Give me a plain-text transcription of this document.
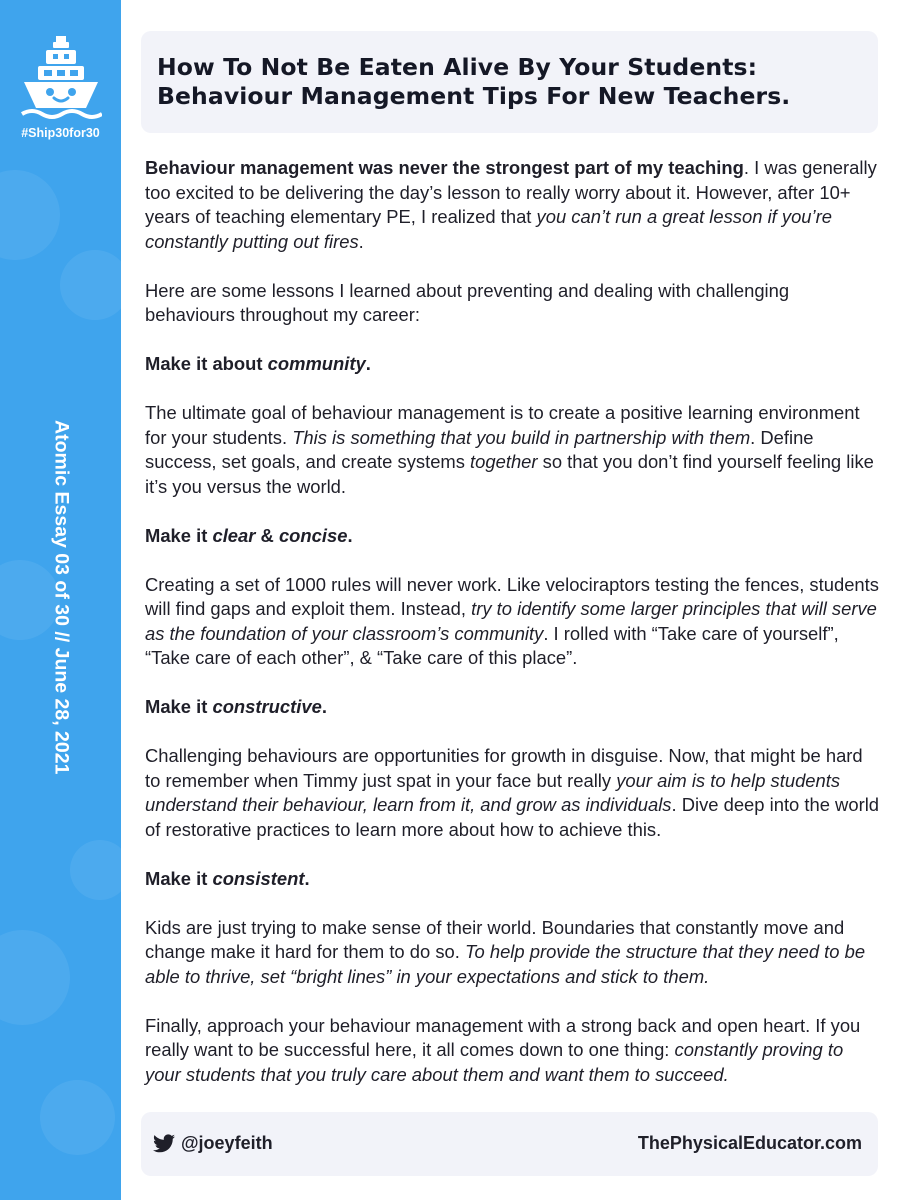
#Ship30for30
Atomic Essay 03 of 30 // June 28, 2021
How To Not Be Eaten Alive By Your Students:
Behaviour Management Tips For New Teachers.

Behaviour management was never the strongest part of my teaching. I was generally too excited to be delivering the day’s lesson to really worry about it. However, after 10+ years of teaching elementary PE, I realized that you can’t run a great lesson if you’re constantly putting out fires.

Here are some lessons I learned about preventing and dealing with challenging behaviours throughout my career:

Make it about community.

The ultimate goal of behaviour management is to create a positive learning environment for your students. This is something that you build in partnership with them. Define success, set goals, and create systems together so that you don’t find yourself feeling like it’s you versus the world.

Make it clear & concise.

Creating a set of 1000 rules will never work. Like velociraptors testing the fences, students will find gaps and exploit them. Instead, try to identify some larger principles that will serve as the foundation of your classroom’s community. I rolled with “Take care of yourself”, “Take care of each other”, & “Take care of this place”.

Make it constructive.

Challenging behaviours are opportunities for growth in disguise. Now, that might be hard to remember when Timmy just spat in your face but really your aim is to help students understand their behaviour, learn from it, and grow as individuals. Dive deep into the world of restorative practices to learn more about how to achieve this.

Make it consistent.

Kids are just trying to make sense of their world. Boundaries that constantly move and change make it hard for them to do so. To help provide the structure that they need to be able to thrive, set “bright lines” in your expectations and stick to them.

Finally, approach your behaviour management with a strong back and open heart. If you really want to be successful here, it all comes down to one thing: constantly proving to your students that you truly care about them and want them to succeed.

@joeyfeith	ThePhysicalEducator.com
